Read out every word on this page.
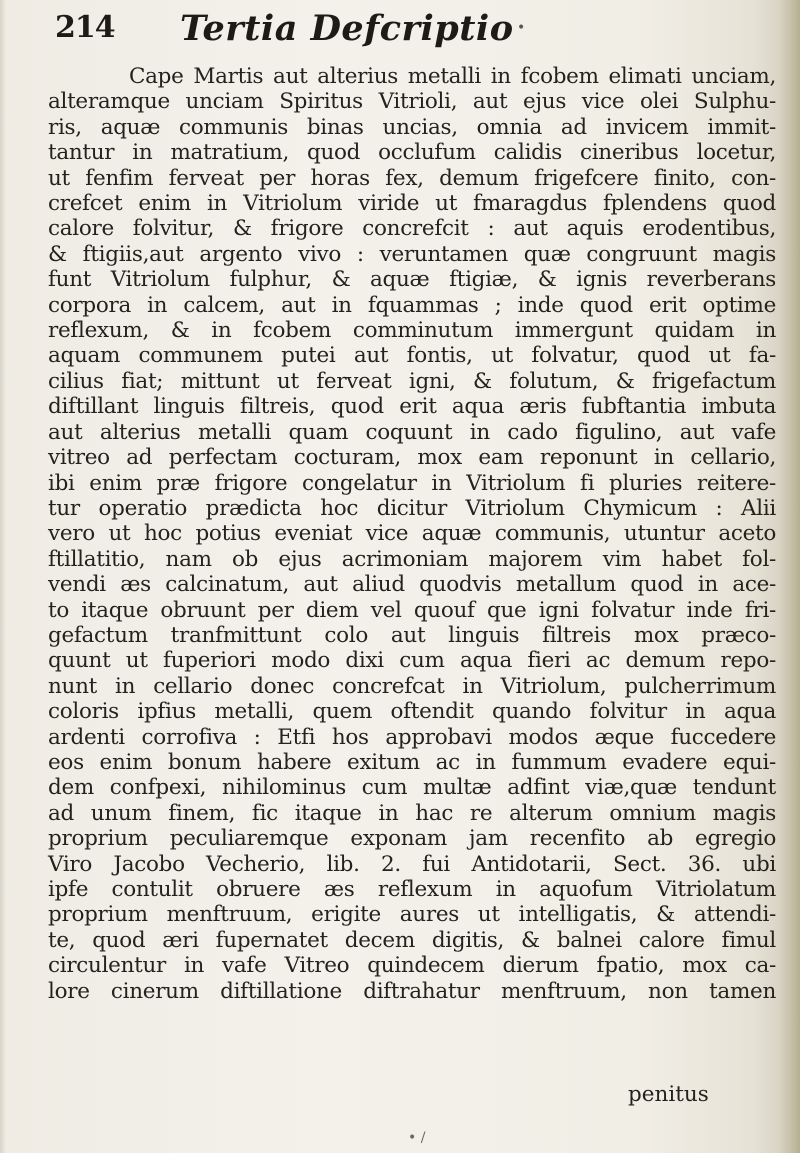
214 Tertia Defcriptio •
Cape Martis aut alterius metalli in fcobem elimati unciam,
alteramque unciam Spiritus Vitrioli, aut ejus vice olei Sulphu-
ris, aquæ communis binas uncias, omnia ad invicem immit-
tantur in matratium, quod occlufum calidis cineribus locetur,
ut fenfim ferveat per horas fex, demum frigefcere finito, con-
crefcet enim in Vitriolum viride ut fmaragdus fplendens quod
calore folvitur, & frigore concrefcit : aut aquis erodentibus,
& ftigiis,aut argento vivo : veruntamen quæ congruunt magis
funt Vitriolum fulphur, & aquæ ftigiæ, & ignis reverberans
corpora in calcem, aut in fquammas ; inde quod erit optime
reflexum, & in fcobem comminutum immergunt quidam in
aquam communem putei aut fontis, ut folvatur, quod ut fa-
cilius fiat; mittunt ut ferveat igni, & folutum, & frigefactum
diftillant linguis filtreis, quod erit aqua æris fubftantia imbuta
aut alterius metalli quam coquunt in cado figulino, aut vafe
vitreo ad perfectam cocturam, mox eam reponunt in cellario,
ibi enim præ frigore congelatur in Vitriolum fi pluries reitere-
tur operatio prædicta hoc dicitur Vitriolum Chymicum : Alii
vero ut hoc potius eveniat vice aquæ communis, utuntur aceto
ftillatitio, nam ob ejus acrimoniam majorem vim habet fol-
vendi æs calcinatum, aut aliud quodvis metallum quod in ace-
to itaque obruunt per diem vel quouf que igni folvatur inde fri-
gefactum tranfmittunt colo aut linguis filtreis mox præco-
quunt ut fuperiori modo dixi cum aqua fieri ac demum repo-
nunt in cellario donec concrefcat in Vitriolum, pulcherrimum
coloris ipfius metalli, quem oftendit quando folvitur in aqua
ardenti corrofiva : Etfi hos approbavi modos æque fuccedere
eos enim bonum habere exitum ac in fummum evadere equi-
dem confpexi, nihilominus cum multæ adfint viæ,quæ tendunt
ad unum finem, fic itaque in hac re alterum omnium magis
proprium peculiaremque exponam jam recenfito ab egregio
Viro Jacobo Vecherio, lib. 2. fui Antidotarii, Sect. 36. ubi
ipfe contulit obruere æs reflexum in aquofum Vitriolatum
proprium menftruum, erigite aures ut intelligatis, & attendi-
te, quod æri fupernatet decem digitis, & balnei calore fimul
circulentur in vafe Vitreo quindecem dierum fpatio, mox ca-
lore cinerum diftillatione diftrahatur menftruum, non tamen
penitus
• /
